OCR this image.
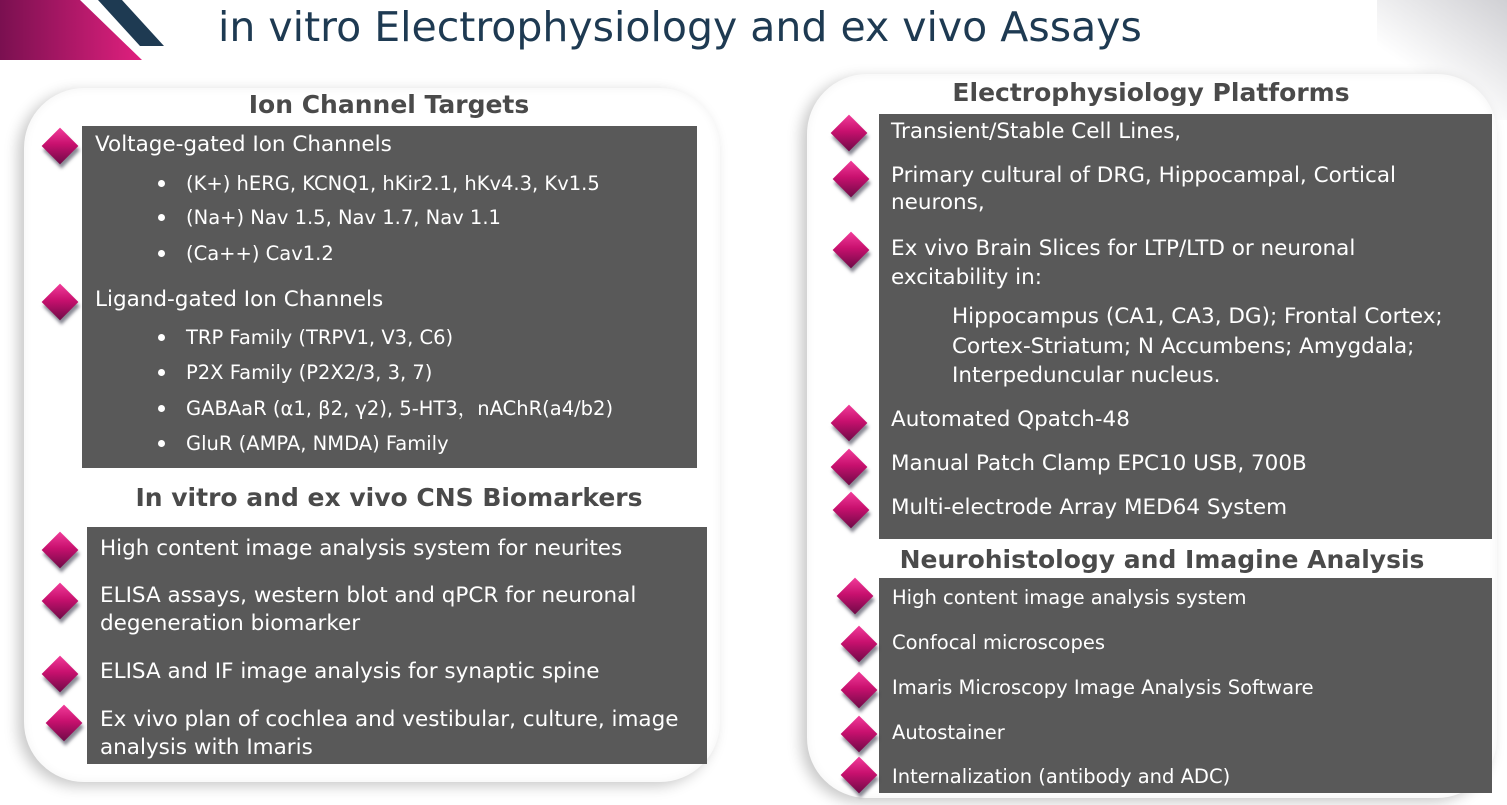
in vitro Electrophysiology and ex vivo Assays
Ion Channel Targets
Voltage-gated Ion Channels
(K+) hERG, KCNQ1, hKir2.1, hKv4.3, Kv1.5
(Na+) Nav 1.5, Nav 1.7, Nav 1.1
(Ca++) Cav1.2
Ligand-gated Ion Channels
TRP Family (TRPV1, V3, C6)
P2X Family (P2X2/3, 3, 7)
GABAaR (α1, β2, γ2), 5-HT3，nAChR(a4/b2)
GluR (AMPA, NMDA) Family
In vitro and ex vivo CNS Biomarkers
High content image analysis system for neurites
ELISA assays, western blot and qPCR for neuronal
degeneration biomarker
ELISA and IF image analysis for synaptic spine
Ex vivo plan of cochlea and vestibular, culture, image
analysis with Imaris
Electrophysiology Platforms
Transient/Stable Cell Lines,
Primary cultural of DRG, Hippocampal, Cortical
neurons,
Ex vivo Brain Slices for LTP/LTD or neuronal
excitability in:
Hippocampus (CA1, CA3, DG); Frontal Cortex;
Cortex-Striatum; N Accumbens; Amygdala;
Interpeduncular nucleus.
Automated Qpatch-48
Manual Patch Clamp EPC10 USB, 700B
Multi-electrode Array MED64 System
Neurohistology and Imagine Analysis
High content image analysis system
Confocal microscopes
Imaris Microscopy Image Analysis Software
Autostainer
Internalization (antibody and ADC)
